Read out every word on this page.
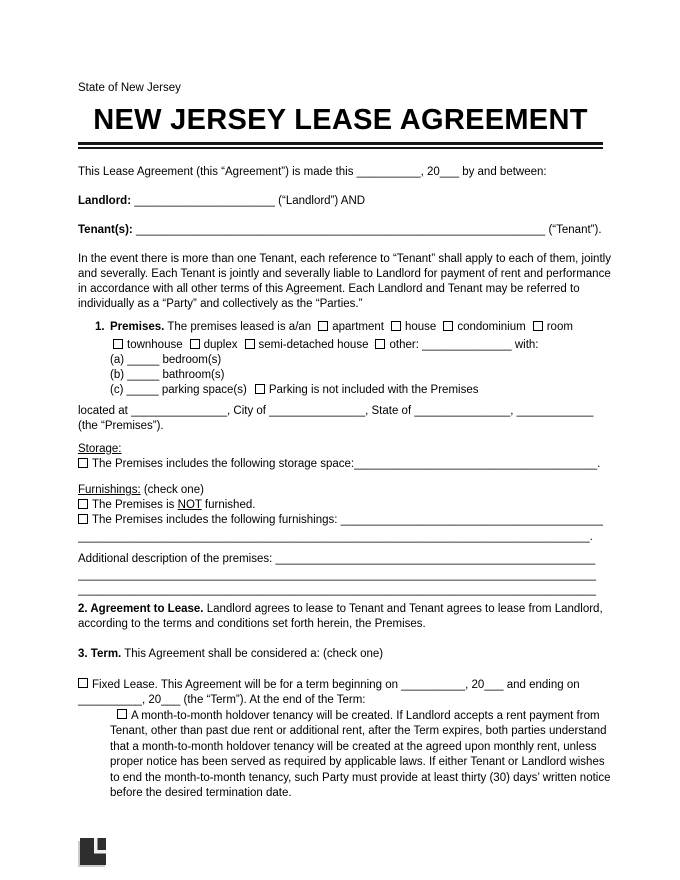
State of New Jersey
NEW JERSEY LEASE AGREEMENT

This Lease Agreement (this “Agreement”) is made this __________, 20___ by and between:

Landlord: ______________________ (“Landlord”) AND

Tenant(s): ________________________________________________________________ (“Tenant”).

In the event there is more than one Tenant, each reference to “Tenant” shall apply to each of them, jointly and severally. Each Tenant is jointly and severally liable to Landlord for payment of rent and performance in accordance with all other terms of this Agreement. Each Landlord and Tenant may be referred to individually as a “Party” and collectively as the “Parties.”

1. Premises. The premises leased is a/an apartment house condominium room
townhouse duplex semi-detached house other: ______________ with:
(a) _____ bedroom(s)
(b) _____ bathroom(s)
(c) _____ parking space(s) Parking is not included with the Premises
located at _______________, City of _______________, State of _______________, ____________
(the “Premises”).
Storage:
The Premises includes the following storage space:______________________________________.
Furnishings: (check one)
The Premises is NOT furnished.
The Premises includes the following furnishings: _________________________________________
________________________________________________________________________________.
Additional description of the premises: __________________________________________________
_________________________________________________________________________________
_________________________________________________________________________________

2. Agreement to Lease. Landlord agrees to lease to Tenant and Tenant agrees to lease from Landlord, according to the terms and conditions set forth herein, the Premises.

3. Term. This Agreement shall be considered a: (check one)

Fixed Lease. This Agreement will be for a term beginning on __________, 20___ and ending on __________, 20___ (the “Term”). At the end of the Term:

A month-to-month holdover tenancy will be created. If Landlord accepts a rent payment from Tenant, other than past due rent or additional rent, after the Term expires, both parties understand that a month-to-month holdover tenancy will be created at the agreed upon monthly rent, unless proper notice has been served as required by applicable laws. If either Tenant or Landlord wishes to end the month-to-month tenancy, such Party must provide at least thirty (30) days’ written notice before the desired termination date.
